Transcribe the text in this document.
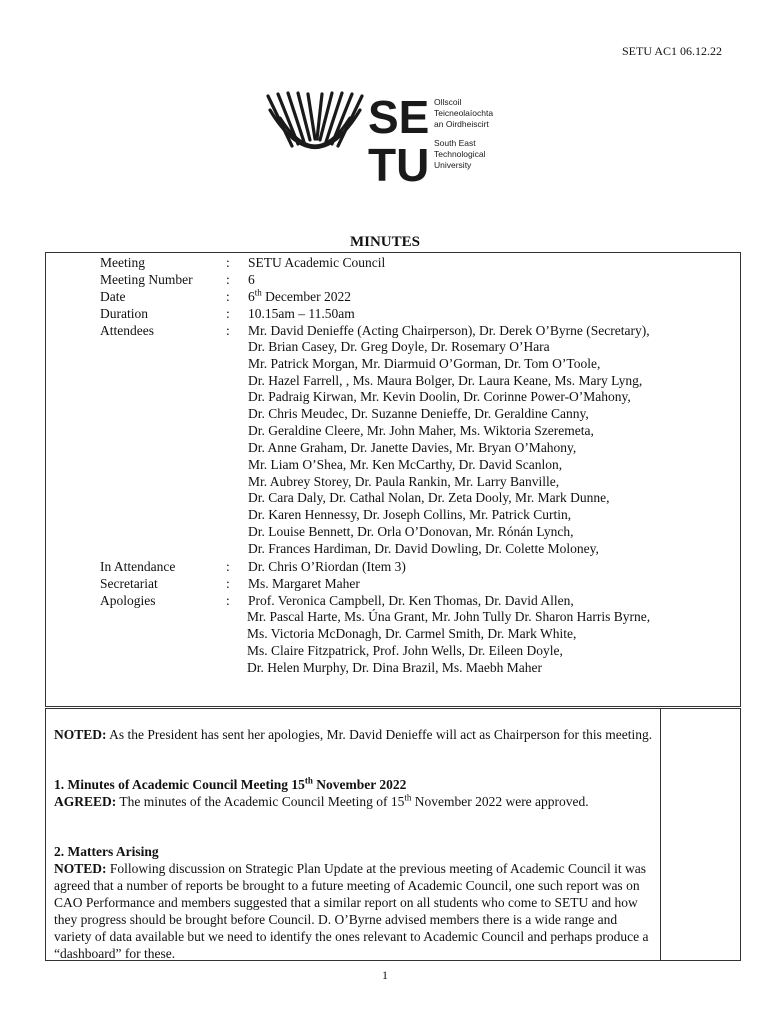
SETU AC1 06.12.22
SE
TU
Ollscoil
Teicneolaíochta
an Oirdheiscirt
South East
Technological
University
MINUTES
Meeting	: SETU Academic Council
Meeting Number : 6
Date	: 6th December 2022
Duration	: 10.15am – 11.50am
Attendees	: Mr. David Denieffe (Acting Chairperson), Dr. Derek O’Byrne (Secretary),
Dr. Brian Casey, Dr. Greg Doyle, Dr. Rosemary O’Hara
Mr. Patrick Morgan, Mr. Diarmuid O’Gorman, Dr. Tom O’Toole,
Dr. Hazel Farrell, , Ms. Maura Bolger, Dr. Laura Keane, Ms. Mary Lyng,
Dr. Padraig Kirwan, Mr. Kevin Doolin, Dr. Corinne Power-O’Mahony,
Dr. Chris Meudec, Dr. Suzanne Denieffe, Dr. Geraldine Canny,
Dr. Geraldine Cleere, Mr. John Maher, Ms. Wiktoria Szeremeta,
Dr. Anne Graham, Dr. Janette Davies, Mr. Bryan O’Mahony,
Mr. Liam O’Shea, Mr. Ken McCarthy, Dr. David Scanlon,
Mr. Aubrey Storey, Dr. Paula Rankin, Mr. Larry Banville,
Dr. Cara Daly, Dr. Cathal Nolan, Dr. Zeta Dooly, Mr. Mark Dunne,
Dr. Karen Hennessy, Dr. Joseph Collins, Mr. Patrick Curtin,
Dr. Louise Bennett, Dr. Orla O’Donovan, Mr. Rónán Lynch,
Dr. Frances Hardiman, Dr. David Dowling, Dr. Colette Moloney,
In Attendance	: Dr. Chris O’Riordan (Item 3)
Secretariat	: Ms. Margaret Maher
Apologies	: Prof. Veronica Campbell, Dr. Ken Thomas, Dr. David Allen,
Mr. Pascal Harte, Ms. Úna Grant, Mr. John Tully Dr. Sharon Harris Byrne,
Ms. Victoria McDonagh, Dr. Carmel Smith, Dr. Mark White,
Ms. Claire Fitzpatrick, Prof. John Wells, Dr. Eileen Doyle,
Dr. Helen Murphy, Dr. Dina Brazil, Ms. Maebh Maher
NOTED: As the President has sent her apologies, Mr. David Denieffe will act as Chairperson for this meeting.
1. Minutes of Academic Council Meeting 15th November 2022
AGREED: The minutes of the Academic Council Meeting of 15th November 2022 were approved.
2. Matters Arising
NOTED: Following discussion on Strategic Plan Update at the previous meeting of Academic Council it was agreed that a number of reports be brought to a future meeting of Academic Council, one such report was on CAO Performance and members suggested that a similar report on all students who come to SETU and how they progress should be brought before Council. D. O’Byrne advised members there is a wide range and variety of data available but we need to identify the ones relevant to Academic Council and perhaps produce a “dashboard” for these.
1
